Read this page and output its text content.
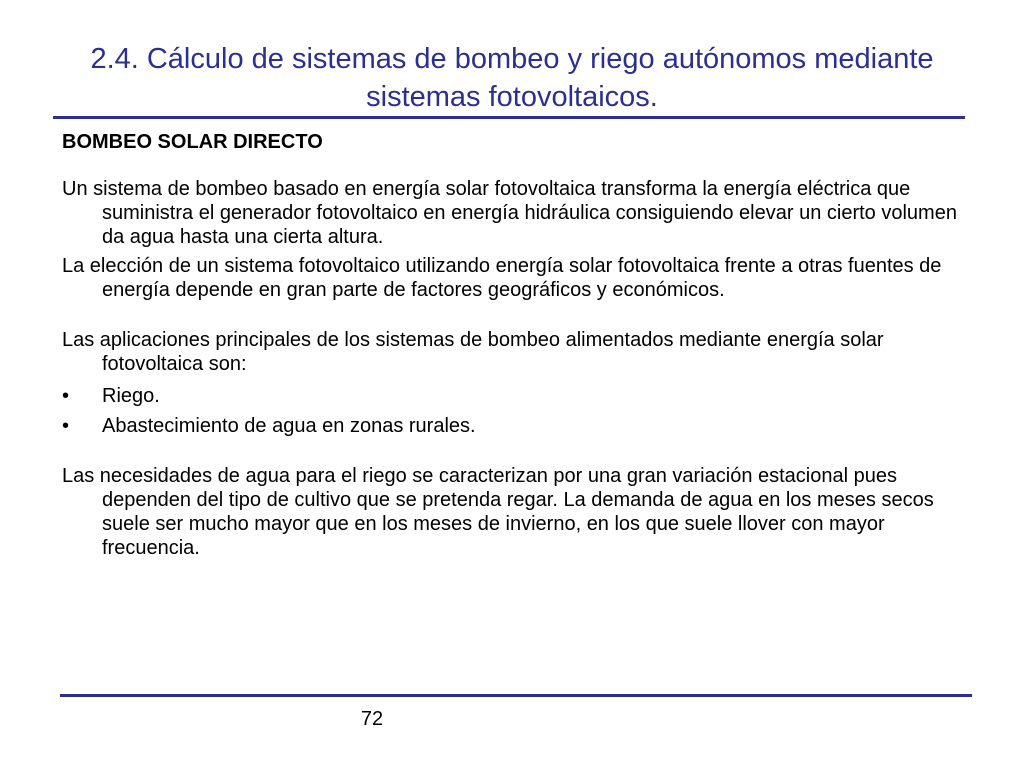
2.4. Cálculo de sistemas de bombeo y riego autónomos mediante sistemas fotovoltaicos.

BOMBEO SOLAR DIRECTO

Un sistema de bombeo basado en energía solar fotovoltaica transforma la energía eléctrica que suministra el generador fotovoltaico en energía hidráulica consiguiendo elevar un cierto volumen da agua hasta una cierta altura.

La elección de un sistema fotovoltaico utilizando energía solar fotovoltaica frente a otras fuentes de energía depende en gran parte de factores geográficos y económicos.

Las aplicaciones principales de los sistemas de bombeo alimentados mediante energía solar fotovoltaica son:

•	Riego.
•	Abastecimiento de agua en zonas rurales.

Las necesidades de agua para el riego se caracterizan por una gran variación estacional pues dependen del tipo de cultivo que se pretenda regar. La demanda de agua en los meses secos suele ser mucho mayor que en los meses de invierno, en los que suele llover con mayor frecuencia.

72
